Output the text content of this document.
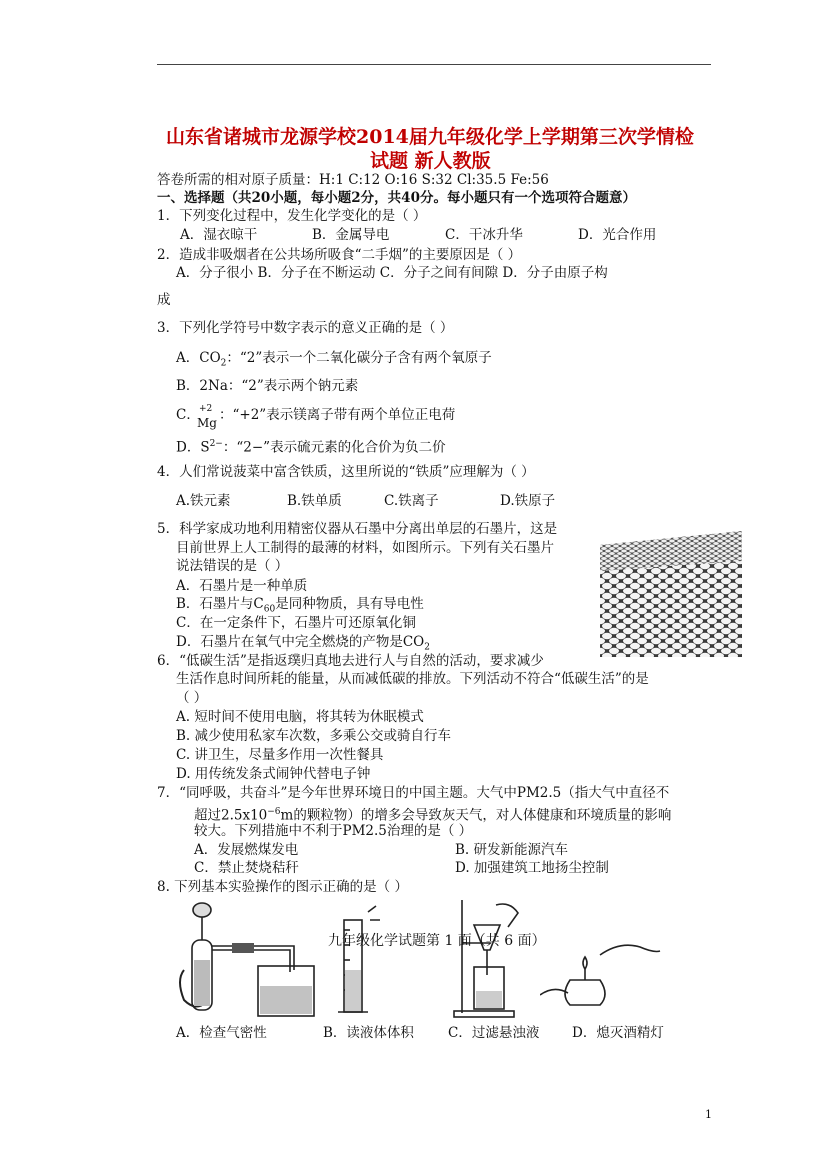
山东省诸城市龙源学校2014届九年级化学上学期第三次学情检
试题 新人教版
答卷所需的相对原子质量：H:1 C:12 O:16 S:32 Cl:35.5 Fe:56
一、选择题（共20小题，每小题2分，共40分。每小题只有一个选项符合题意）
1．下列变化过程中，发生化学变化的是（ ）
A．湿衣晾干	B．金属导电	C．干冰升华	D．光合作用
2．造成非吸烟者在公共场所吸食“二手烟”的主要原因是（ ）
A．分子很小 B．分子在不断运动 C．分子之间有间隙 D．分子由原子构
成
3．下列化学符号中数字表示的意义正确的是（ ）
A．$CO_2$：“2”表示一个二氧化碳分子含有两个氧原子
B．2Na：“2”表示两个钠元素
C． +2
Mg ：“+2”表示镁离子带有两个单位正电荷
D．$S^{2-}$：“2−”表示硫元素的化合价为负二价
4．人们常说菠菜中富含铁质，这里所说的“铁质”应理解为（ ）
A.铁元素	B.铁单质	C.铁离子	D.铁原子
5．科学家成功地利用精密仪器从石墨中分离出单层的石墨片，这是
目前世界上人工制得的最薄的材料，如图所示。下列有关石墨片
说法错误的是（ ）
A．石墨片是一种单质
B．石墨片与$C_{60}$是同种物质，具有导电性
C．在一定条件下，石墨片可还原氧化铜
D．石墨片在氧气中完全燃烧的产物是$CO_2$
6．“低碳生活”是指返璞归真地去进行人与自然的活动，要求减少
生活作息时间所耗的能量，从而减低碳的排放。下列活动不符合“低碳生活”的是
（ ）
A. 短时间不使用电脑，将其转为休眠模式
B. 减少使用私家车次数，多乘公交或骑自行车
C. 讲卫生，尽量多作用一次性餐具
D. 用传统发条式闹钟代替电子钟
7．“同呼吸，共奋斗”是今年世界环境日的中国主题。大气中PM2.5（指大气中直径不
超过$2.5x10^{-6}m$的颗粒物）的增多会导致灰天气，对人体健康和环境质量的影响
较大。下列措施中不利于PM2.5治理的是（ ）
A．发展燃煤发电	B. 研发新能源汽车
C．禁止焚烧秸秆	D. 加强建筑工地扬尘控制
8. 下列基本实验操作的图示正确的是（ ）
九年级化学试题第 1 面（共 6 面）
A．检查气密性	B．读液体体积	C．过滤悬浊液 D．熄灭酒精灯
1
